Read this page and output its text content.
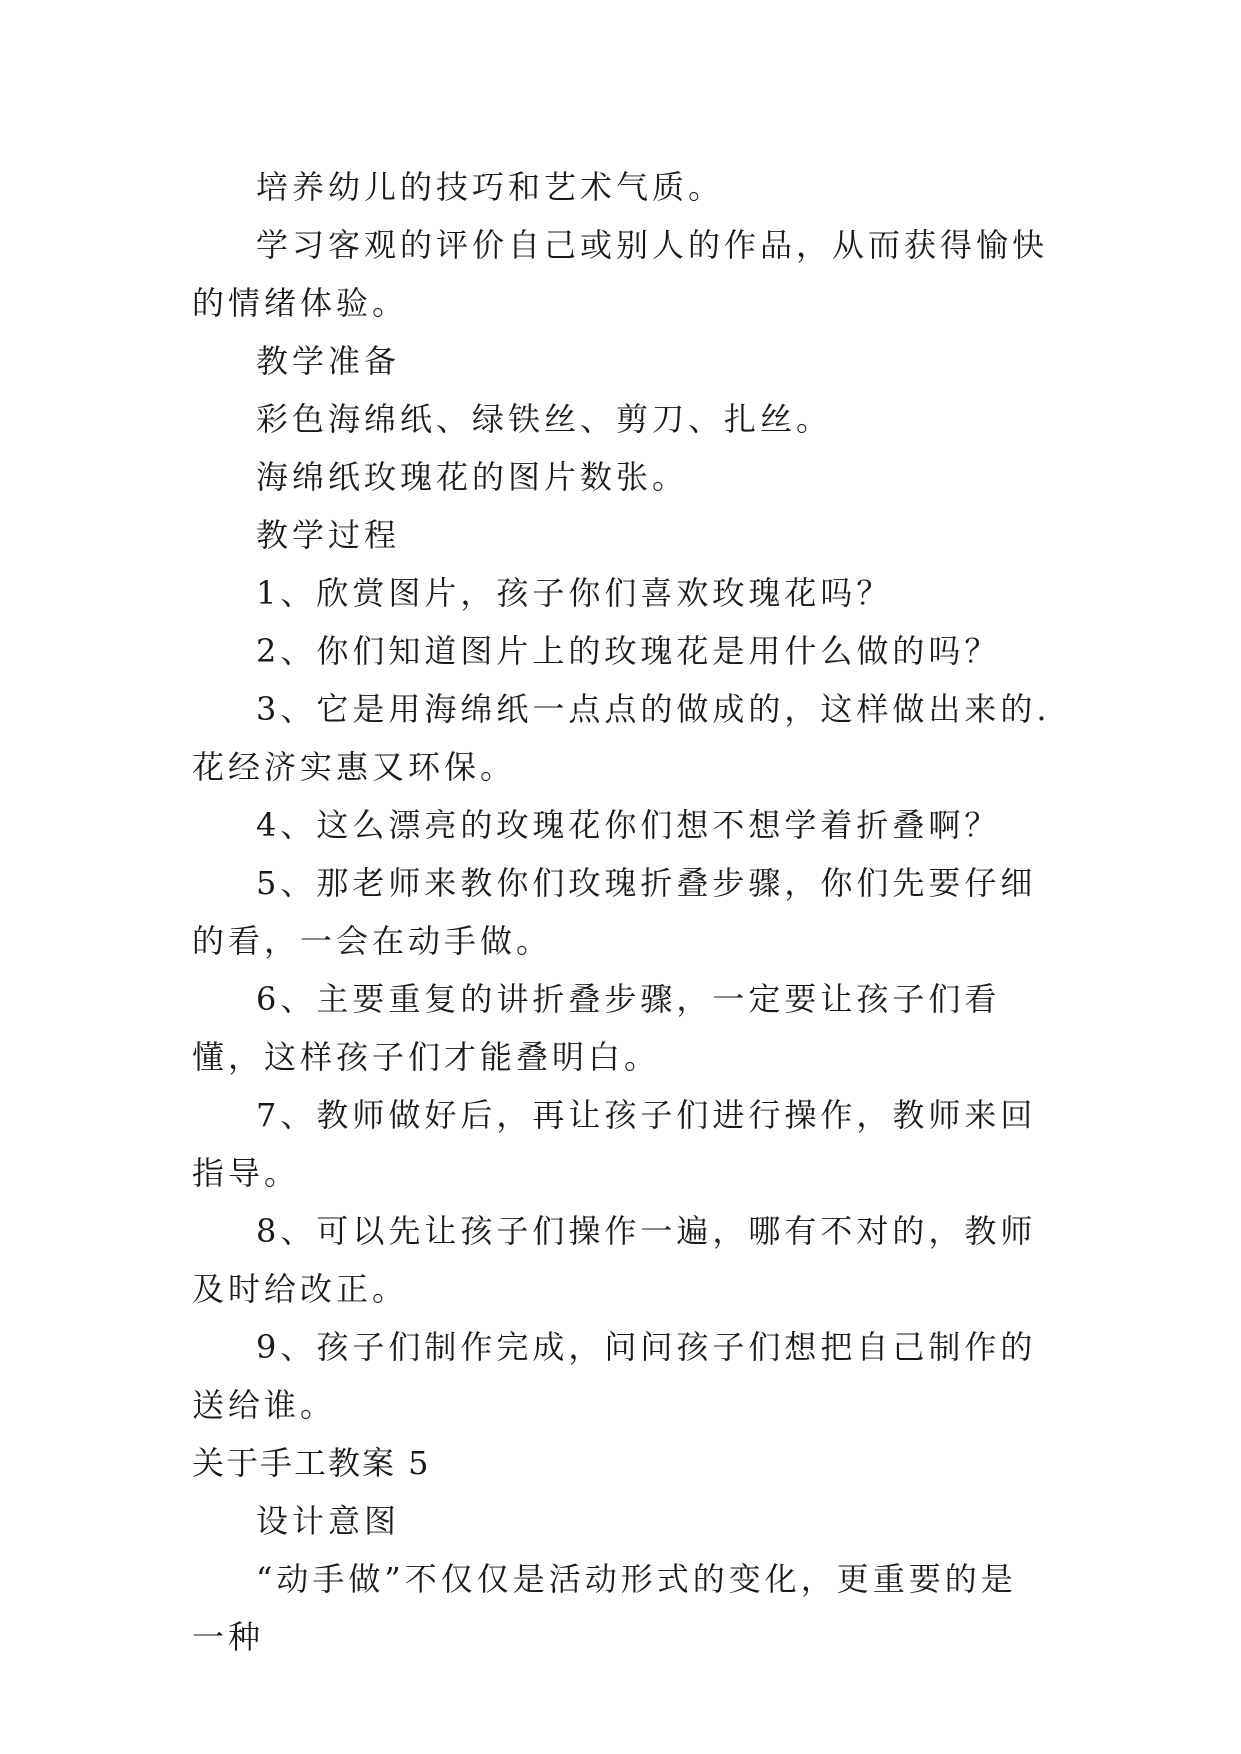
培养幼儿的技巧和艺术气质。

学习客观的评价自己或别人的作品，从而获得愉快的情绪体验。

教学准备

彩色海绵纸、绿铁丝、剪刀、扎丝。

海绵纸玫瑰花的图片数张。

教学过程

1、欣赏图片，孩子你们喜欢玫瑰花吗？

2、你们知道图片上的玫瑰花是用什么做的吗？

3、它是用海绵纸一点点的做成的，这样做出来的.花经济实惠又环保。

4、这么漂亮的玫瑰花你们想不想学着折叠啊？

5、那老师来教你们玫瑰折叠步骤，你们先要仔细的看，一会在动手做。

6、主要重复的讲折叠步骤，一定要让孩子们看懂，这样孩子们才能叠明白。

7、教师做好后，再让孩子们进行操作，教师来回指导。

8、可以先让孩子们操作一遍，哪有不对的，教师及时给改正。

9、孩子们制作完成，问问孩子们想把自己制作的送给谁。

关于手工教案 5

设计意图

“动手做”不仅仅是活动形式的变化，更重要的是一种
